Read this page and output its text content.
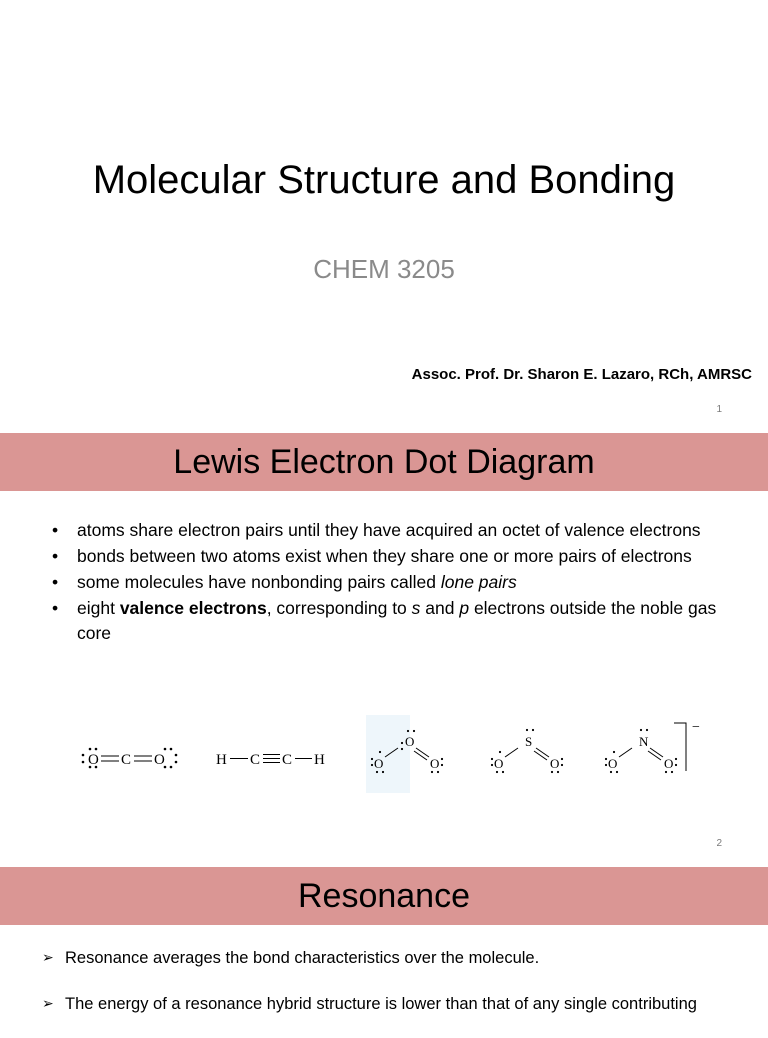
Molecular Structure and Bonding
CHEM 3205
Assoc. Prof. Dr. Sharon E. Lazaro, RCh, AMRSC
1
Lewis Electron Dot Diagram
• atoms share electron pairs until they have acquired an octet of valence electrons
• bonds between two atoms exist when they share one or more pairs of electrons
• some molecules have nonbonding pairs called lone pairs
• eight valence electrons, corresponding to s and p electrons outside the noble gas core
O C O	H C C H	O
O
O	O
S
O	O
N
O
−
2
Resonance
➢ Resonance averages the bond characteristics over the molecule.
➢ The energy of a resonance hybrid structure is lower than that of any single contributing
